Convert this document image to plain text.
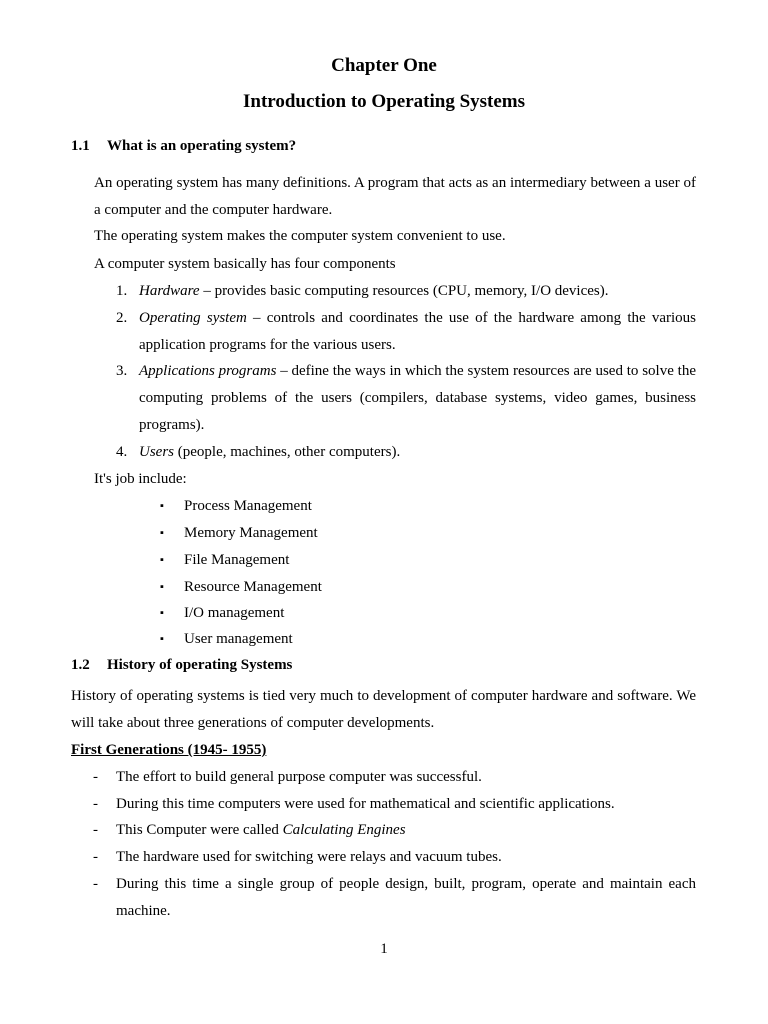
Chapter One
Introduction to Operating Systems
1.1 What is an operating system?
An operating system has many definitions. A program that acts as an intermediary between a user of a computer and the computer hardware.
The operating system makes the computer system convenient to use.
A computer system basically has four components
1. Hardware – provides basic computing resources (CPU, memory, I/O devices).
2. Operating system – controls and coordinates the use of the hardware among the various application programs for the various users.
3. Applications programs – define the ways in which the system resources are used to solve the computing problems of the users (compilers, database systems, video games, business programs).
4. Users (people, machines, other computers).
It's job include:
▪ Process Management
▪ Memory Management
▪ File Management
▪ Resource Management
▪ I/O management
▪ User management
1.2 History of operating Systems
History of operating systems is tied very much to development of computer hardware and software. We will take about three generations of computer developments.
First Generations (1945- 1955)
- The effort to build general purpose computer was successful.
- During this time computers were used for mathematical and scientific applications.
- This Computer were called Calculating Engines
- The hardware used for switching were relays and vacuum tubes.
- During this time a single group of people design, built, program, operate and maintain each machine.
1
